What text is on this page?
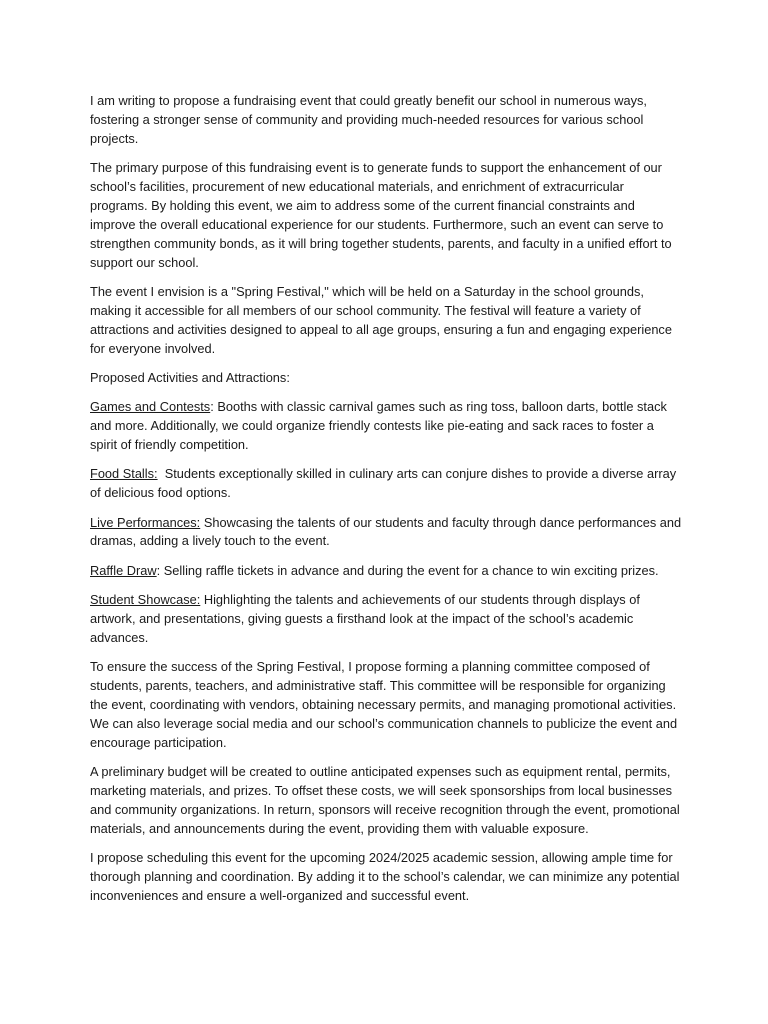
I am writing to propose a fundraising event that could greatly benefit our school in numerous ways, fostering a stronger sense of community and providing much-needed resources for various school projects.

The primary purpose of this fundraising event is to generate funds to support the enhancement of our school’s facilities, procurement of new educational materials, and enrichment of extracurricular programs. By holding this event, we aim to address some of the current financial constraints and improve the overall educational experience for our students. Furthermore, such an event can serve to strengthen community bonds, as it will bring together students, parents, and faculty in a unified effort to support our school.

The event I envision is a "Spring Festival," which will be held on a Saturday in the school grounds, making it accessible for all members of our school community. The festival will feature a variety of attractions and activities designed to appeal to all age groups, ensuring a fun and engaging experience for everyone involved.

Proposed Activities and Attractions:

Games and Contests: Booths with classic carnival games such as ring toss, balloon darts, bottle stack and more. Additionally, we could organize friendly contests like pie-eating and sack races to foster a spirit of friendly competition.

Food Stalls: Students exceptionally skilled in culinary arts can conjure dishes to provide a diverse array of delicious food options.

Live Performances: Showcasing the talents of our students and faculty through dance performances and dramas, adding a lively touch to the event.

Raffle Draw: Selling raffle tickets in advance and during the event for a chance to win exciting prizes.

Student Showcase: Highlighting the talents and achievements of our students through displays of artwork, and presentations, giving guests a firsthand look at the impact of the school’s academic advances.

To ensure the success of the Spring Festival, I propose forming a planning committee composed of students, parents, teachers, and administrative staff. This committee will be responsible for organizing the event, coordinating with vendors, obtaining necessary permits, and managing promotional activities. We can also leverage social media and our school’s communication channels to publicize the event and encourage participation.

A preliminary budget will be created to outline anticipated expenses such as equipment rental, permits, marketing materials, and prizes. To offset these costs, we will seek sponsorships from local businesses and community organizations. In return, sponsors will receive recognition through the event, promotional materials, and announcements during the event, providing them with valuable exposure.

I propose scheduling this event for the upcoming 2024/2025 academic session, allowing ample time for thorough planning and coordination. By adding it to the school’s calendar, we can minimize any potential inconveniences and ensure a well-organized and successful event.
